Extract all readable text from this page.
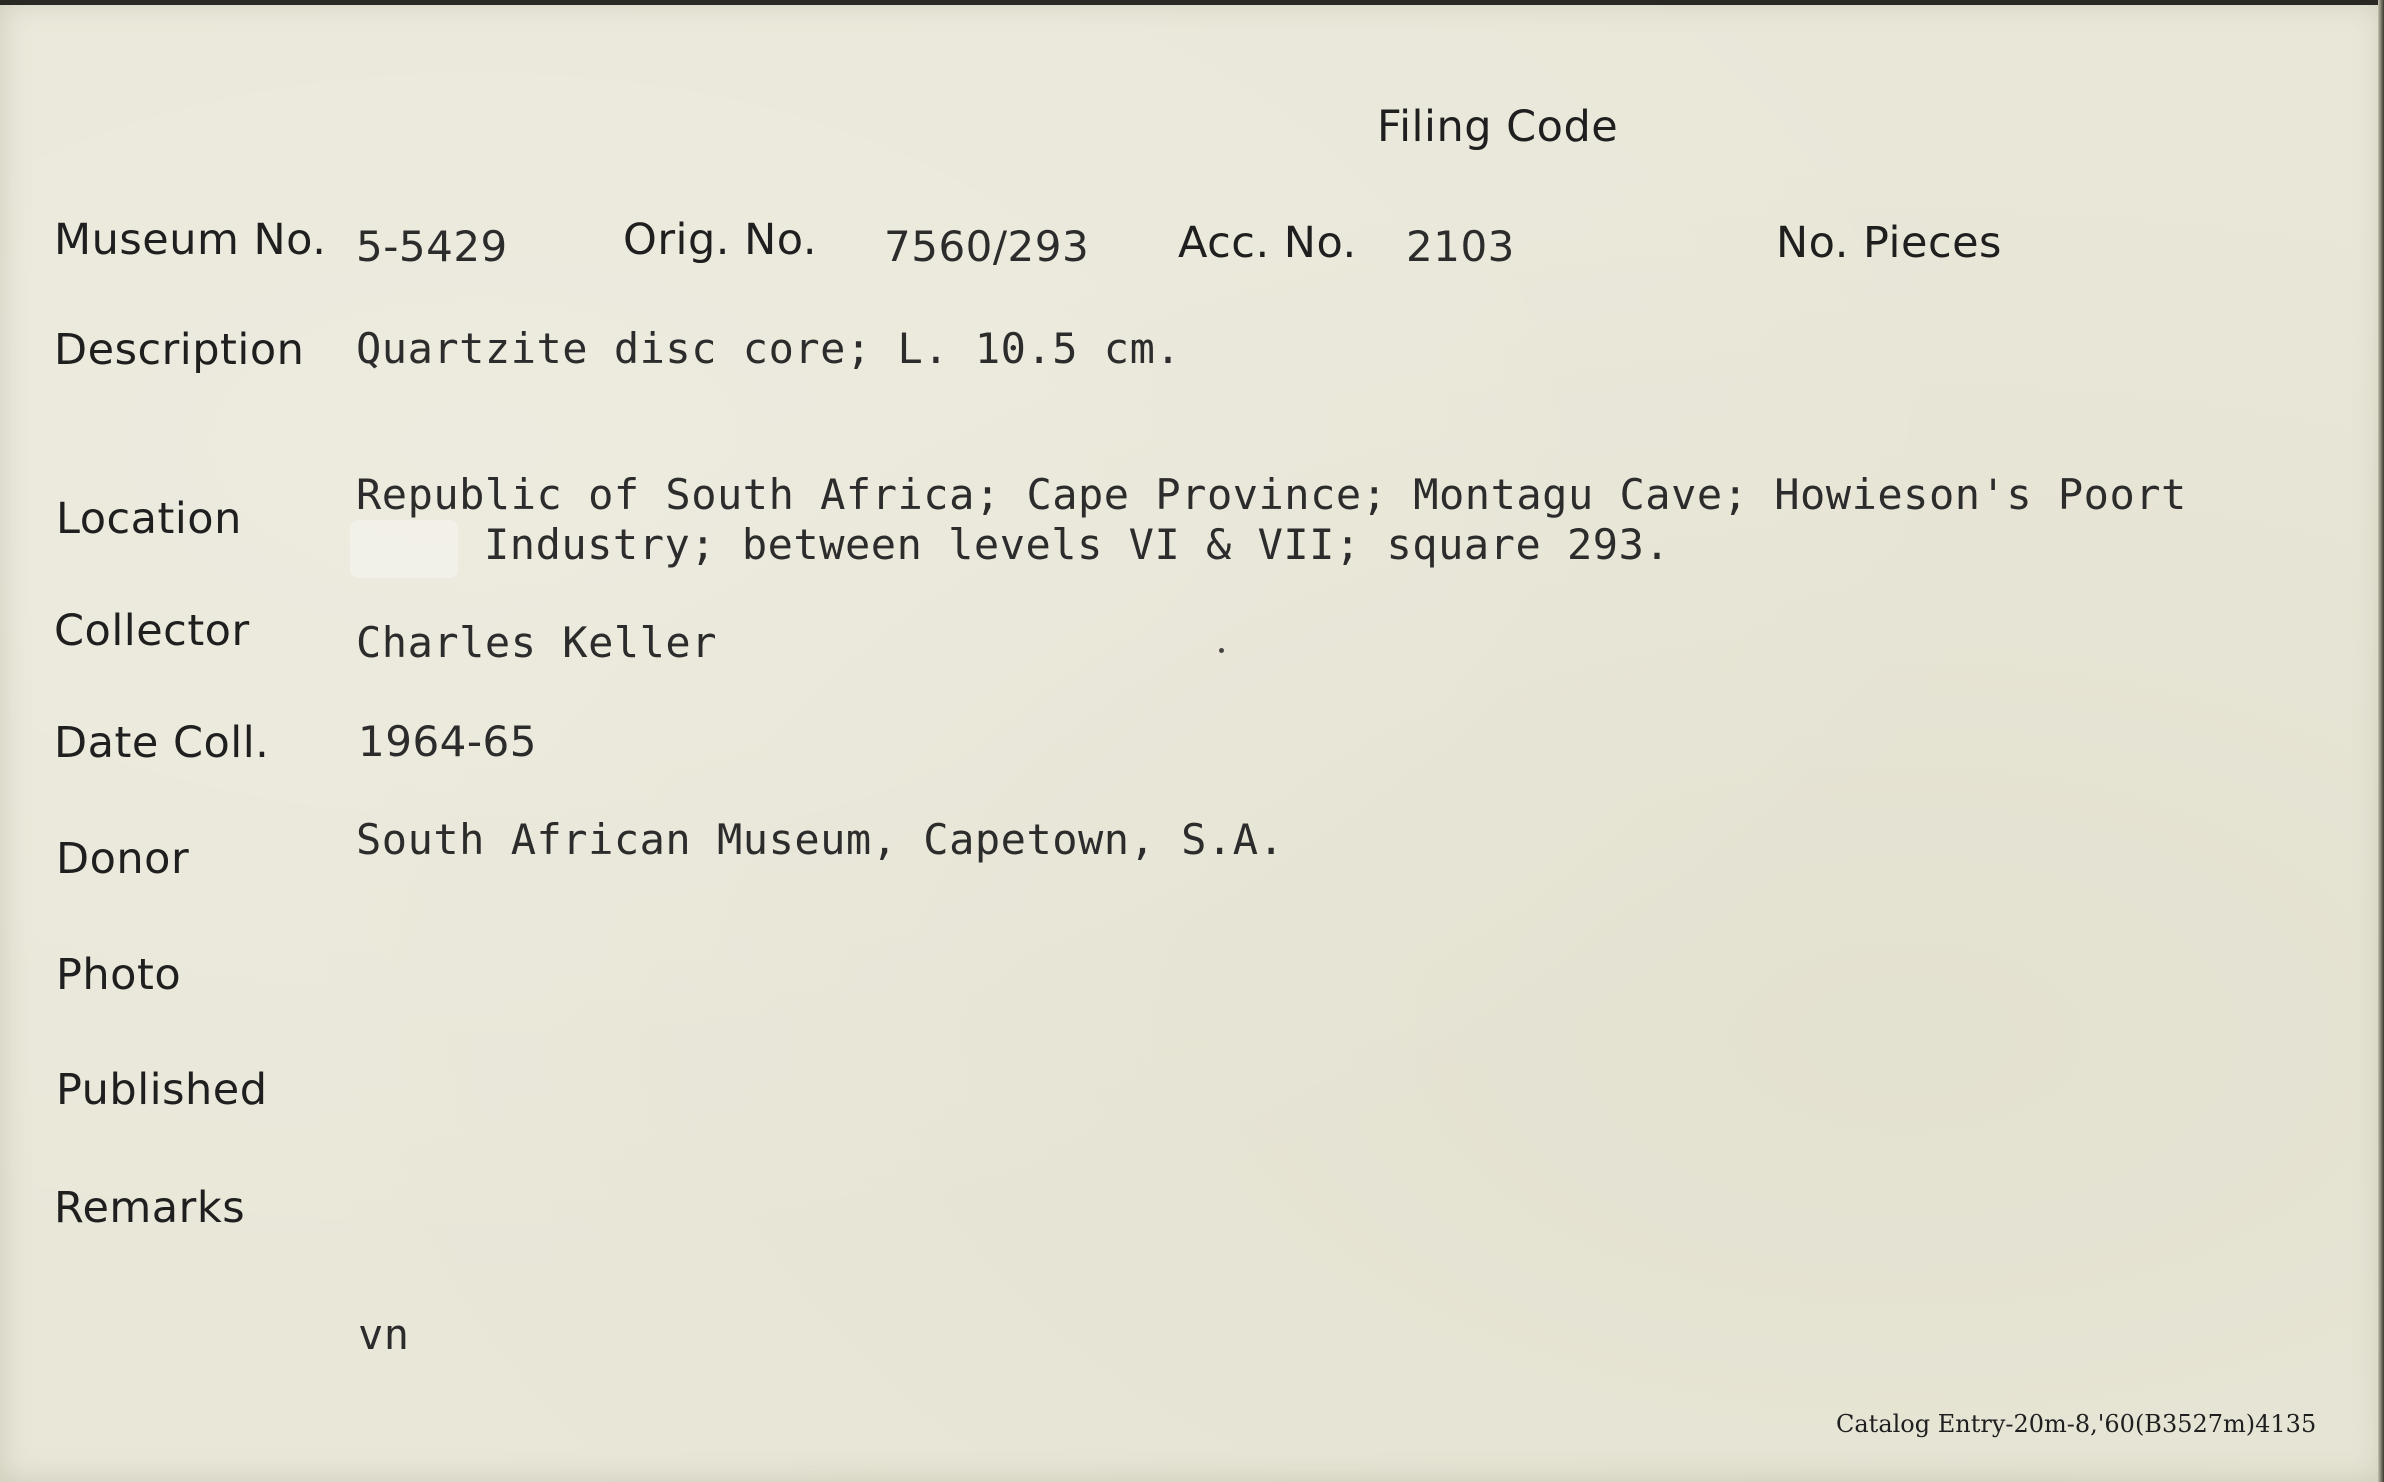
Filing Code
Museum No. 5-5429	Orig. No. 7560/293 Acc. No. 2103	No. Pieces
Description Quartzite disc core; L. 10.5 cm.
Location	Republic of South Africa; Cape Province; Montagu Cave; Howieson's Poort
Industry; between levels VI & VII; square 293.
Collector	Charles Keller
Date Coll. 1964-65
Donor	South African Museum, Capetown, S.A.
Photo
Published
Remarks
vn
Catalog Entry-20m-8,'60(B3527m)4135
